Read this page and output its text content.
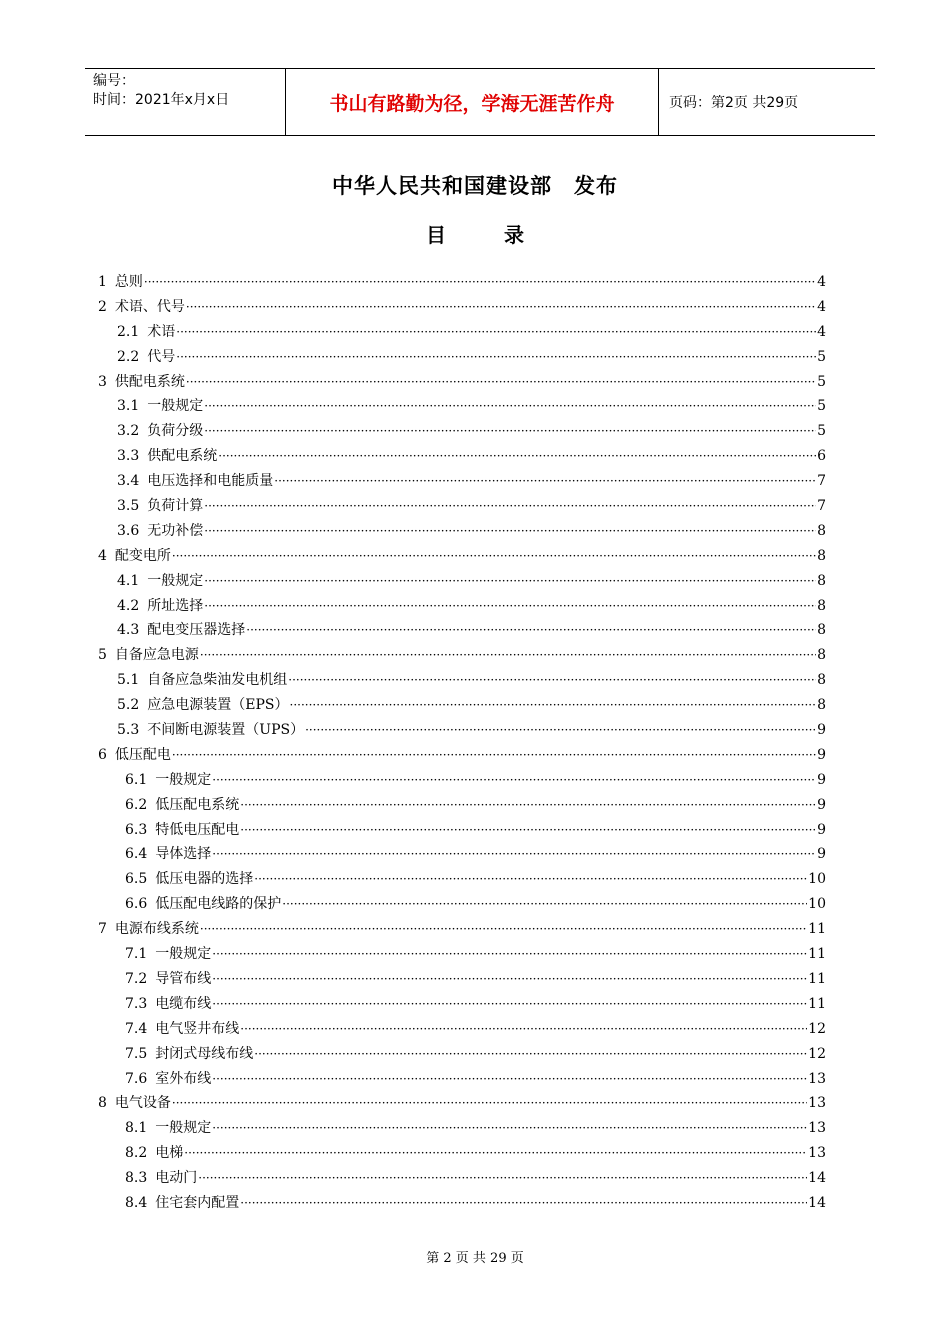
编号：
时间：2021年x月x日	书山有路勤为径，学海无涯苦作舟	页码：第2页 共29页
中华人民共和国建设部　发布
目录
1 总则 ·····	4
2 术语、代号 ·····	4
2.1 术语 ·····	4
2.2 代号 ·····	5
3 供配电系统 ·····	5
3.1 一般规定 ·····	5
3.2 负荷分级 ·····	5
3.3 供配电系统 ·····	6
3.4 电压选择和电能质量 ·····	7
3.5 负荷计算 ·····	7
3.6 无功补偿 ·····	8
4 配变电所 ·····	8
4.1 一般规定 ·····	8
4.2 所址选择 ·····	8
4.3 配电变压器选择 ·····	8
5 自备应急电源 ·····	8
5.1 自备应急柴油发电机组 ·····	8
5.2 应急电源装置（EPS） ·····	8
5.3 不间断电源装置（UPS） ·····	9
6 低压配电 ·····	9
6.1 一般规定 ·····	9
6.2 低压配电系统 ·····	9
6.3 特低电压配电 ·····	9
6.4 导体选择 ·····	9
6.5 低压电器的选择 ·····	10
6.6 低压配电线路的保护 ·····	10
7 电源布线系统 ·····	11
7.1 一般规定 ·····	11
7.2 导管布线 ·····	11
7.3 电缆布线 ·····	11
7.4 电气竖井布线 ·····	12
7.5 封闭式母线布线 ·····	12
7.6 室外布线 ·····	13
8 电气设备 ·····	13
8.1 一般规定 ·····	13
8.2 电梯 ·····	13
8.3 电动门 ·····	14
8.4 住宅套内配置 ·····	14
第 2 页 共 29 页
